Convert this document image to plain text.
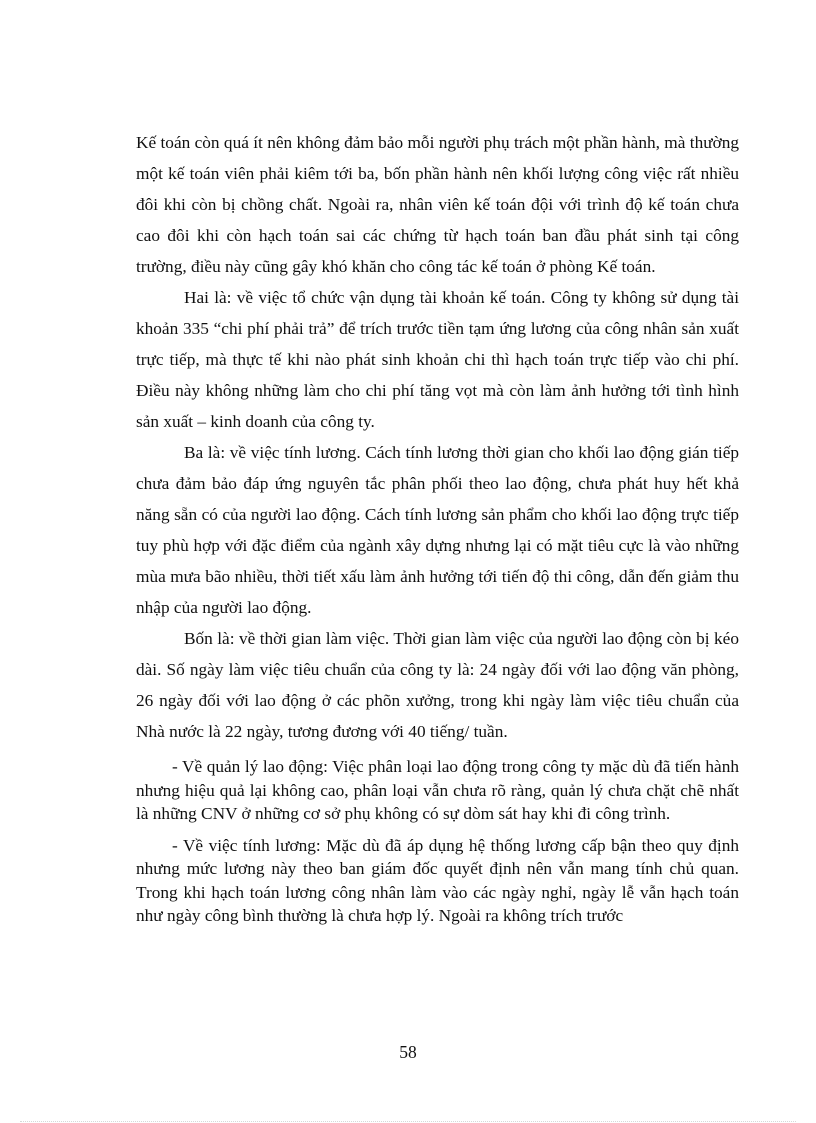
Kế toán còn quá ít nên không đảm bảo mỗi người phụ trách một phần hành, mà thường một kế toán viên phải kiêm tới ba, bốn phần hành nên khối lượng công việc rất nhiều đôi khi còn bị chồng chất. Ngoài ra, nhân viên kế toán đội với trình độ kế toán chưa cao đôi khi còn hạch toán sai các chứng từ hạch toán ban đầu phát sinh tại công trường, điều này cũng gây khó khăn cho công tác kế toán ở phòng Kế toán.

Hai là: về việc tổ chức vận dụng tài khoản kế toán. Công ty không sử dụng tài khoản 335 “chi phí phải trả” để trích trước tiền tạm ứng lương của công nhân sản xuất trực tiếp, mà thực tế khi nào phát sinh khoản chi thì hạch toán trực tiếp vào chi phí. Điều này không những làm cho chi phí tăng vọt mà còn làm ảnh hưởng tới tình hình sản xuất – kinh doanh của công ty.

Ba là: về việc tính lương. Cách tính lương thời gian cho khối lao động gián tiếp chưa đảm bảo đáp ứng nguyên tắc phân phối theo lao động, chưa phát huy hết khả năng sẵn có của người lao động. Cách tính lương sản phẩm cho khối lao động trực tiếp tuy phù hợp với đặc điểm của ngành xây dựng nhưng lại có mặt tiêu cực là vào những mùa mưa bão nhiều, thời tiết xấu làm ảnh hưởng tới tiến độ thi công, dẫn đến giảm thu nhập của người lao động.

Bốn là: về thời gian làm việc. Thời gian làm việc của người lao động còn bị kéo dài. Số ngày làm việc tiêu chuẩn của công ty là: 24 ngày đối với lao động văn phòng, 26 ngày đối với lao động ở các phõn xưởng, trong khi ngày làm việc tiêu chuẩn của Nhà nước là 22 ngày, tương đương với 40 tiếng/ tuần.

- Về quản lý lao động: Việc phân loại lao động trong công ty mặc dù đã tiến hành nhưng hiệu quả lại không cao, phân loại vẫn chưa rõ ràng, quản lý chưa chặt chẽ nhất là những CNV ở những cơ sở phụ không có sự dòm sát hay khi đi công trình.

- Về việc tính lương: Mặc dù đã áp dụng hệ thống lương cấp bận theo quy định nhưng mức lương này theo ban giám đốc quyết định nên vẫn mang tính chủ quan. Trong khi hạch toán lương công nhân làm vào các ngày nghỉ, ngày lễ vẫn hạch toán như ngày công bình thường là chưa hợp lý. Ngoài ra không trích trước

58
